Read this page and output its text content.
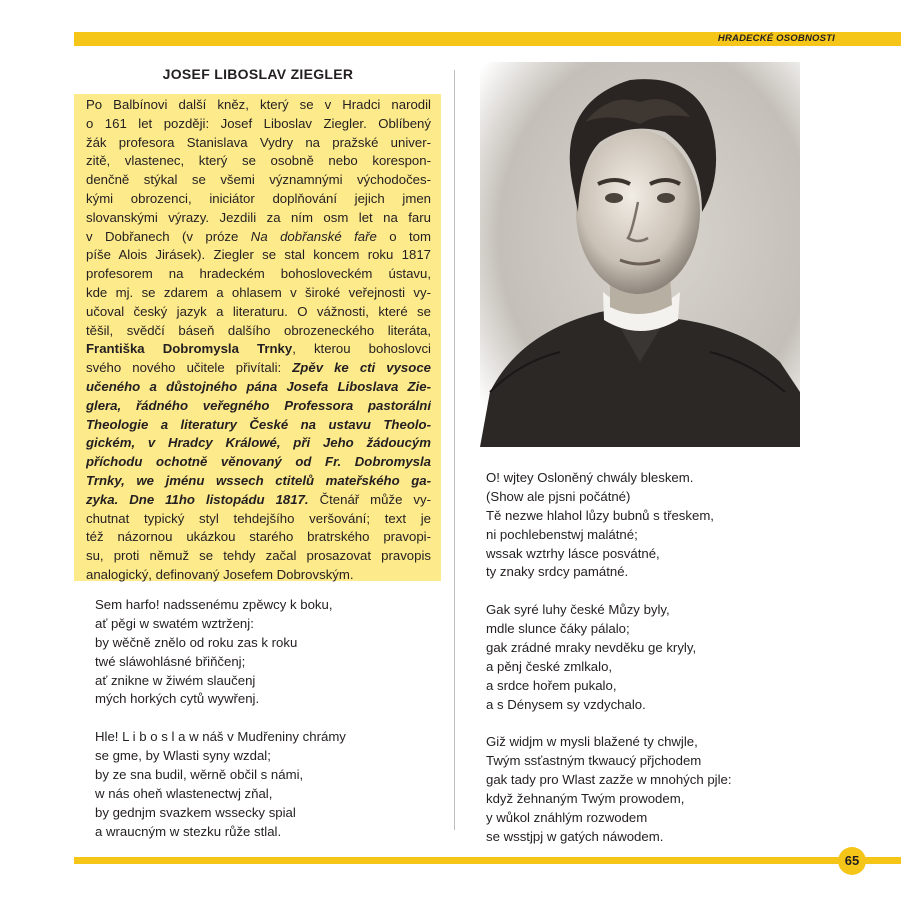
HRADECKÉ OSOBNOSTI
JOSEF LIBOSLAV ZIEGLER
Po Balbínovi další kněz, který se v Hradci narodil
o 161 let později: Josef Liboslav Ziegler. Oblíbený
žák profesora Stanislava Vydry na pražské univer-
zitě, vlastenec, který se osobně nebo korespon-
denčně stýkal se všemi významnými východočes-
kými obrozenci, iniciátor doplňování jejich jmen
slovanskými výrazy. Jezdili za ním osm let na faru
v Dobřanech (v próze Na dobřanské faře o tom
píše Alois Jirásek). Ziegler se stal koncem roku 1817
profesorem na hradeckém bohosloveckém ústavu,
kde mj. se zdarem a ohlasem v široké veřejnosti vy-
učoval český jazyk a literaturu. O vážnosti, které se
těšil, svědčí báseň dalšího obrozeneckého literáta,
Františka Dobromysla Trnky, kterou bohoslovci
svého nového učitele přivítali: Zpěv ke cti vysoce
učeného a důstojného pána Josefa Liboslava Zie-
glera, řádného veřegného Professora pastorální
Theologie a literatury České na ustavu Theolo-
gickém, v Hradcy Králowé, při Jeho žádoucým
příchodu ochotně věnovaný od Fr. Dobromysla
Trnky, we jménu wssech ctitelů mateřského ga-
zyka. Dne 11ho listopádu 1817. Čtenář může vy-
chutnat typický styl tehdejšího veršování; text je
též názornou ukázkou starého bratrského pravopi-
su, proti němuž se tehdy začal prosazovat pravopis
analogický, definovaný Josefem Dobrovským.
Sem harfo! nadssenému zpěwcy k boku,
ať pěgi w swatém wztrženj:
by wěčně znělo od roku zas k roku
twé sláwohlásné břiňčenj;
ať znikne w žiwém slaučenj
mých horkých cytů wywřenj.
Hle! L i b o s l a w náš v Mudřeniny chrámy
se gme, by Wlasti syny wzdal;
by ze sna budil, wěrně občil s námi,
w nás oheň wlastenectwj zňal,
by gednjm svazkem wssecky spial
a wraucným w stezku růže stlal.
O! wjtey Osloněný chwály bleskem.
(Show ale pjsni počátné)
Tě nezwe hlahol lůzy bubnů s třeskem,
ni pochlebenstwj malátné;
wssak wztrhy lásce posvátné,
ty znaky srdcy památné.
Gak syré luhy české Můzy byly,
mdle slunce čáky pálalo;
gak zrádné mraky nevděku ge kryly,
a pěnj české zmlkalo,
a srdce hořem pukalo,
a s Dénysem sy vzdychalo.
Giž widjm w mysli blažené ty chwjle,
Twým ssťastným tkwaucý přjchodem
gak tady pro Wlast zazže w mnohých pjle:
když žehnaným Twým prowodem,
y wůkol znáhlým rozwodem
se wsstjpj w gatých náwodem.
65
